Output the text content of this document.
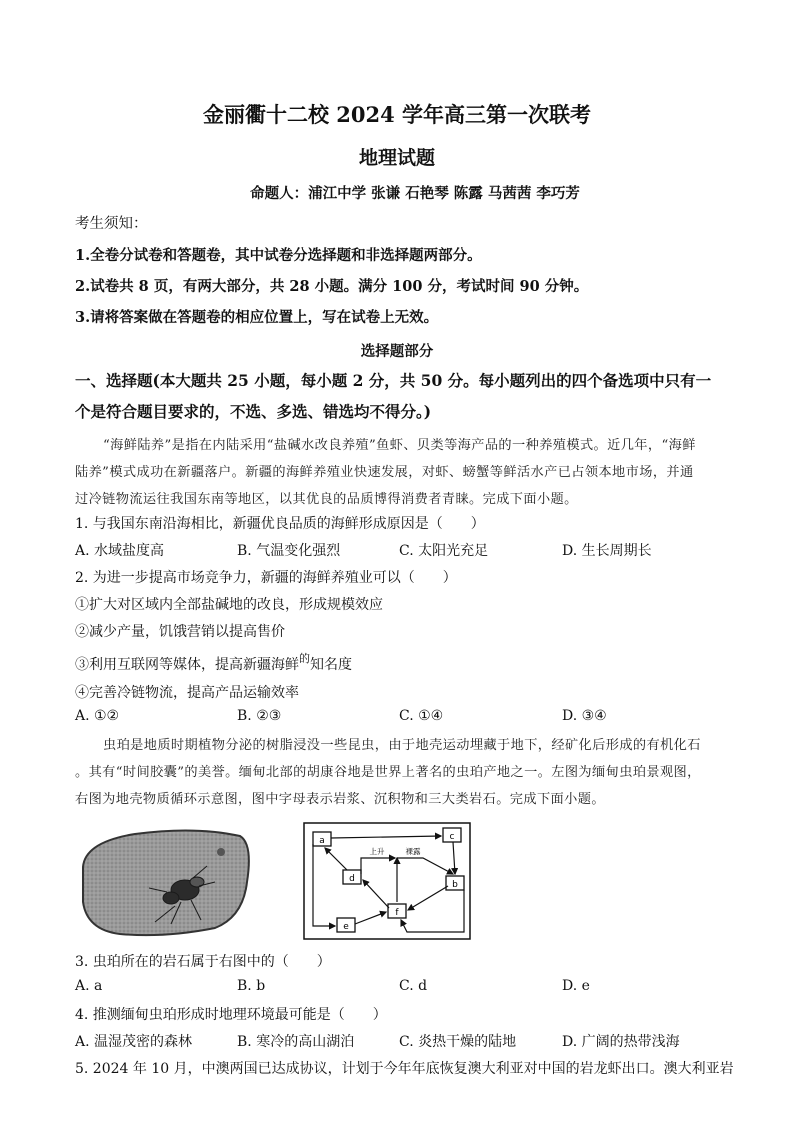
金丽衢十二校 2024 学年高三第一次联考
地理试题
命题人：浦江中学 张谦 石艳琴 陈露 马茜茜 李巧芳
考生须知：
1.全卷分试卷和答题卷，其中试卷分选择题和非选择题两部分。
2.试卷共 8 页，有两大部分，共 28 小题。满分 100 分，考试时间 90 分钟。
3.请将答案做在答题卷的相应位置上，写在试卷上无效。
选择题部分
一、选择题(本大题共 25 小题，每小题 2 分，共 50 分。每小题列出的四个备选项中只有一
个是符合题目要求的，不选、多选、错选均不得分。)
“海鲜陆养”是指在内陆采用“盐碱水改良养殖”鱼虾、贝类等海产品的一种养殖模式。近几年，“海鲜
陆养”模式成功在新疆落户。新疆的海鲜养殖业快速发展，对虾、螃蟹等鲜活水产已占领本地市场，并通
过冷链物流运往我国东南等地区，以其优良的品质博得消费者青睐。完成下面小题。
1. 与我国东南沿海相比，新疆优良品质的海鲜形成原因是（　　）
A. 水域盐度高	B. 气温变化强烈	C. 太阳光充足	D. 生长周期长
2. 为进一步提高市场竞争力，新疆的海鲜养殖业可以（　　）
①扩大对区域内全部盐碱地的改良，形成规模效应
②减少产量，饥饿营销以提高售价
③利用互联网等媒体，提高新疆海鲜$^的$知名度
④完善冷链物流，提高产品运输效率
A. ①②	B. ②③	C. ①④	D. ③④
虫珀是地质时期植物分泌的树脂浸没一些昆虫，由于地壳运动埋藏于地下，经矿化后形成的有机化石
。其有“时间胶囊”的美誉。缅甸北部的胡康谷地是世界上著名的虫珀产地之一。左图为缅甸虫珀景观图，
右图为地壳物质循环示意图，图中字母表示岩浆、沉积物和三大类岩石。完成下面小题。
a
b
c
d
e
f
上升	裸露
3. 虫珀所在的岩石属于右图中的（　　）
A. a	B. b	C. d	D. e
4. 推测缅甸虫珀形成时地理环境最可能是（　　）
A. 温湿茂密的森林	B. 寒冷的高山湖泊	C. 炎热干燥的陆地	D. 广阔的热带浅海
5. 2024 年 10 月，中澳两国已达成协议，计划于今年年底恢复澳大利亚对中国的岩龙虾出口。澳大利亚岩
